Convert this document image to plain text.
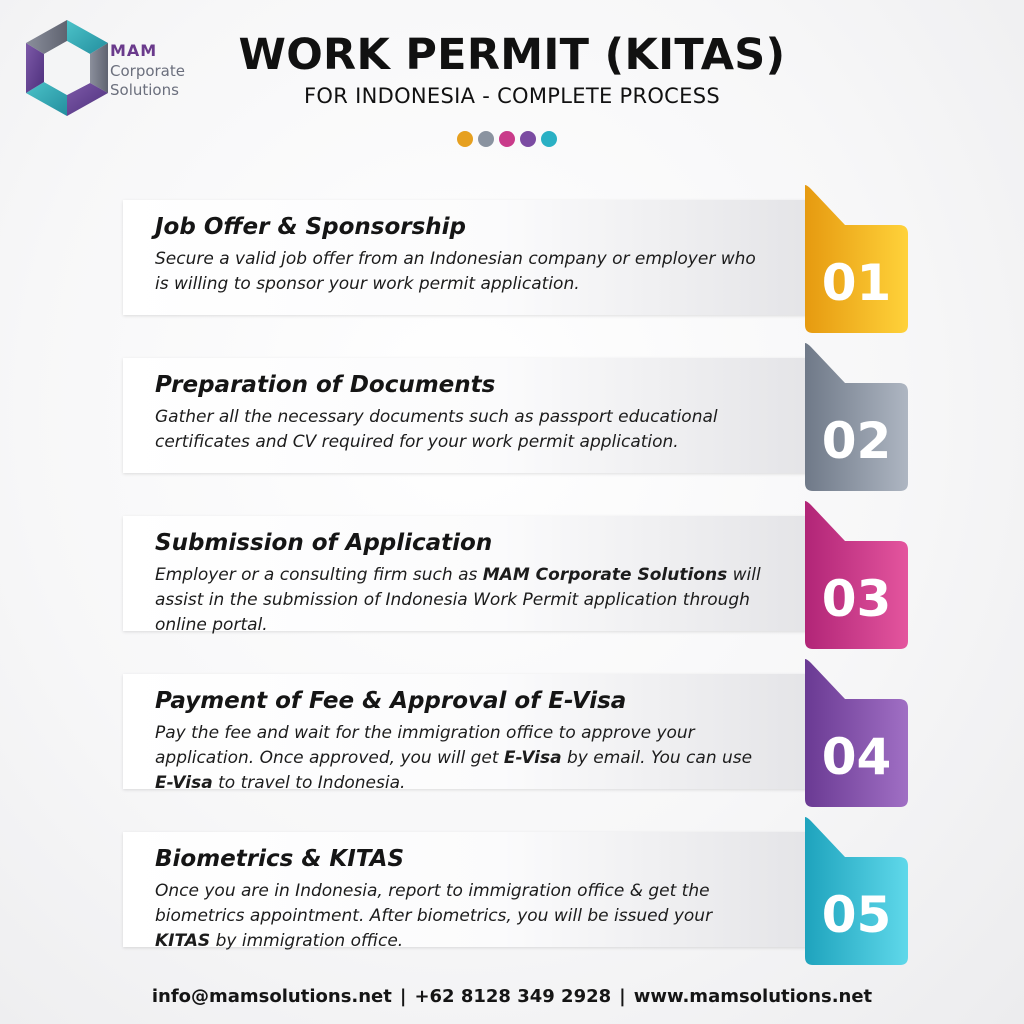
MAM
Corporate
Solutions
WORK PERMIT (KITAS)
FOR INDONESIA - COMPLETE PROCESS
Job Offer & Sponsorship
Secure a valid job offer from an Indonesian company or employer who is willing to sponsor your work permit application.	01
Preparation of Documents
Gather all the necessary documents such as passport educational certificates and CV required for your work permit application.	02
Submission of Application
Employer or a consulting firm such as MAM Corporate Solutions will assist in the submission of Indonesia Work Permit application through online portal.	03
Payment of Fee & Approval of E-Visa
Pay the fee and wait for the immigration office to approve your application. Once approved, you will get E-Visa by email. You can use E-Visa to travel to Indonesia.	04
Biometrics & KITAS
Once you are in Indonesia, report to immigration office & get the biometrics appointment. After biometrics, you will be issued your KITAS by immigration office.	05
info@mamsolutions.net | +62 8128 349 2928 | www.mamsolutions.net
